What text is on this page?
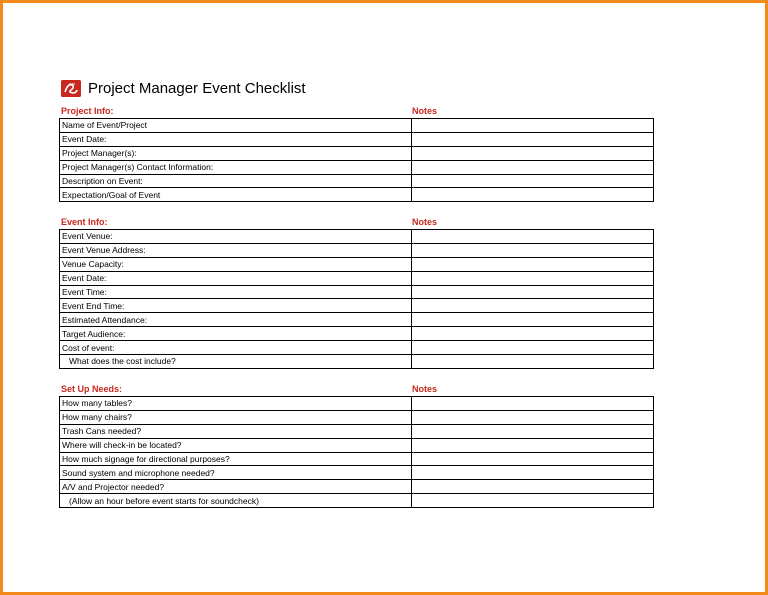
Project Manager Event Checklist
Project Info:	Notes
Name of Event/Project	
Event Date:	
Project Manager(s):	
Project Manager(s) Contact Information:	
Description on Event:	
Expectation/Goal of Event	
Event Info:	Notes
Event Venue:	
Event Venue Address:	
Venue Capacity:	
Event Date:	
Event Time:	
Event End Time:	
Estimated Attendance:	
Target Audience:	
Cost of event:	
What does the cost include?	
Set Up Needs:	Notes
How many tables?	
How many chairs?	
Trash Cans needed?	
Where will check-in be located?	
How much signage for directional purposes?	
Sound system and microphone needed?	
A/V and Projector needed?	
(Allow an hour before event starts for soundcheck)	
